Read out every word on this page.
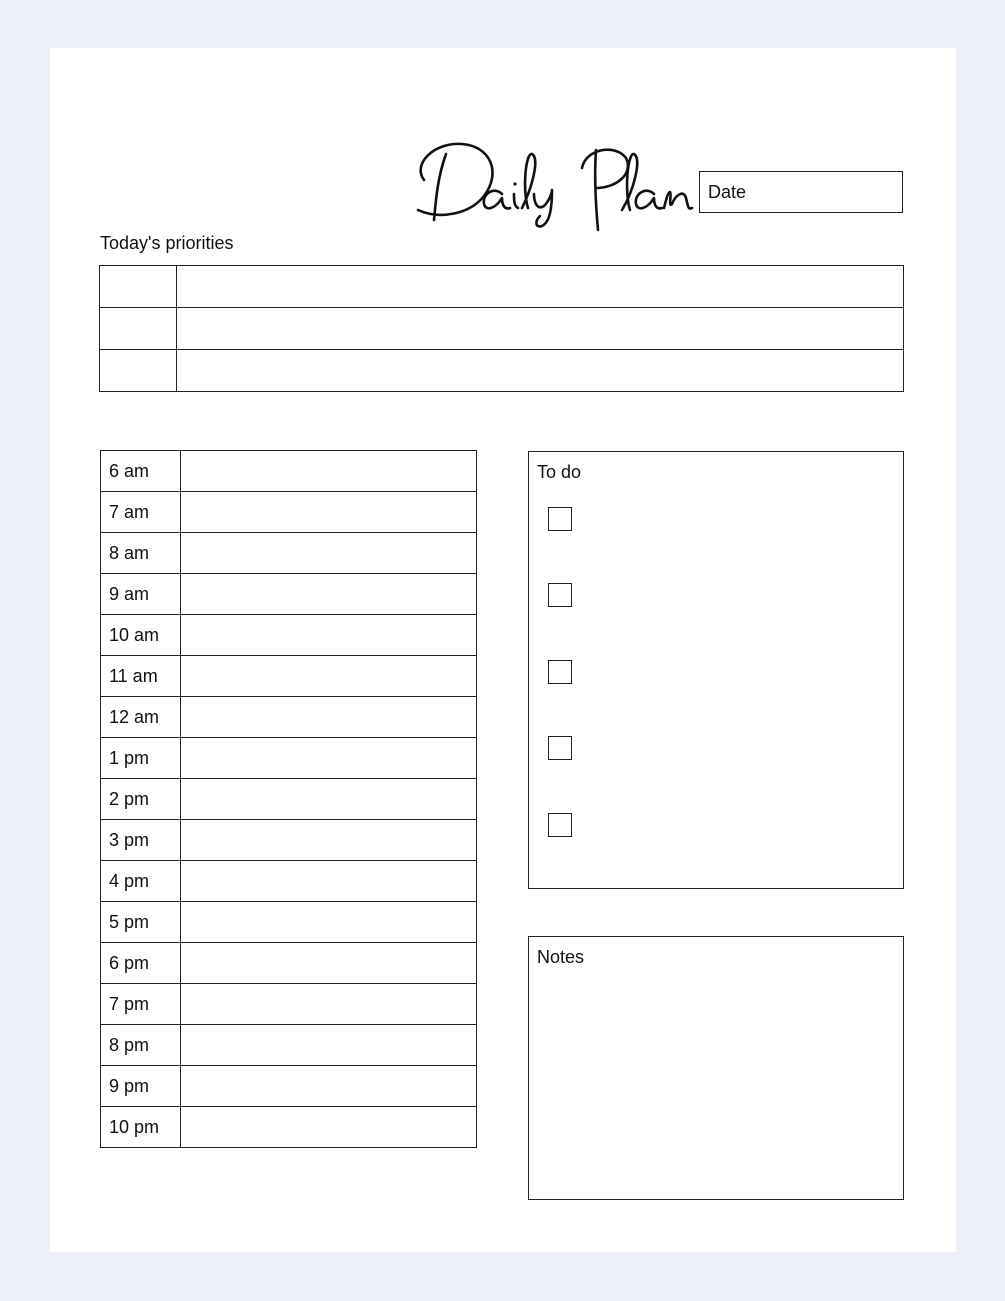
Date
Today's priorities

6 am	
7 am	
8 am	
9 am	
10 am	
11 am	
12 am	
1 pm	
2 pm	
3 pm	
4 pm	
5 pm	
6 pm	
7 pm	
8 pm	
9 pm	
10 pm	
To do
Notes
